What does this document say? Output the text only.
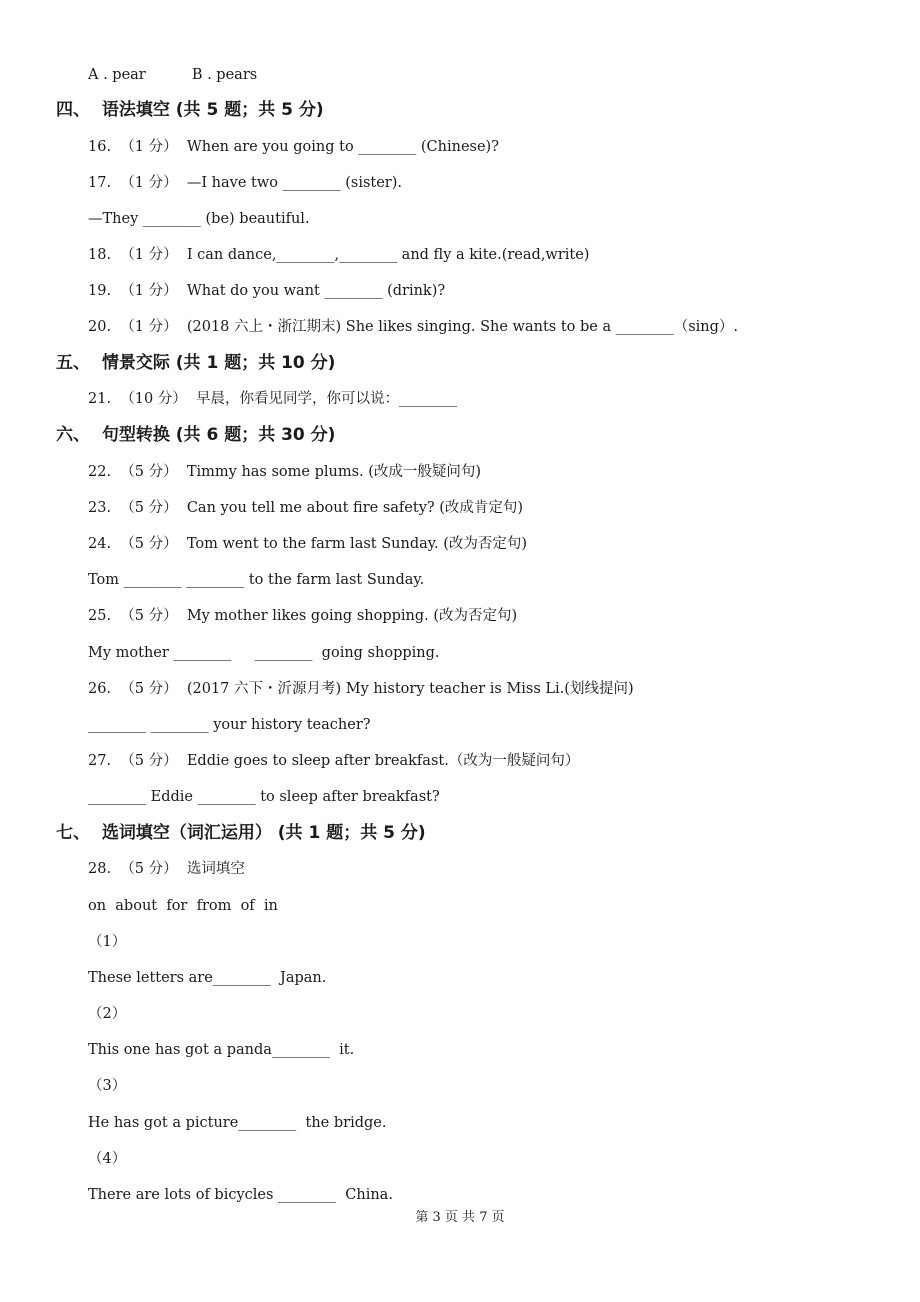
A . pear          B . pears
四、  语法填空 (共 5 题；共 5 分)
16.  （1 分）  When are you going to ________ (Chinese)?
17.  （1 分）  —I have two ________ (sister).
—They ________ (be) beautiful.
18.  （1 分）  I can dance,________,________ and fly a kite.(read,write)
19.  （1 分）  What do you want ________ (drink)?
20.  （1 分）  (2018 六上・浙江期末) She likes singing. She wants to be a ________（sing）.
五、  情景交际 (共 1 题；共 10 分)
21.  （10 分）  早晨，你看见同学，你可以说：________
六、  句型转换 (共 6 题；共 30 分)
22.  （5 分）  Timmy has some plums. (改成一般疑问句)
23.  （5 分）  Can you tell me about fire safety? (改成肯定句)
24.  （5 分）  Tom went to the farm last Sunday. (改为否定句)
Tom ________ ________ to the farm last Sunday.
25.  （5 分）  My mother likes going shopping. (改为否定句)
My mother ________     ________  going shopping.
26.  （5 分）  (2017 六下・沂源月考) My history teacher is Miss Li.(划线提问)
________ ________ your history teacher?
27.  （5 分）  Eddie goes to sleep after breakfast.（改为一般疑问句）
________ Eddie ________ to sleep after breakfast?
七、  选词填空（词汇运用） (共 1 题；共 5 分)
28.  （5 分）  选词填空
on  about  for  from  of  in
（1）
These letters are________  Japan.
（2）
This one has got a panda________  it.
（3）
He has got a picture________  the bridge.
（4）
There are lots of bicycles ________  China.
第 3 页 共 7 页
